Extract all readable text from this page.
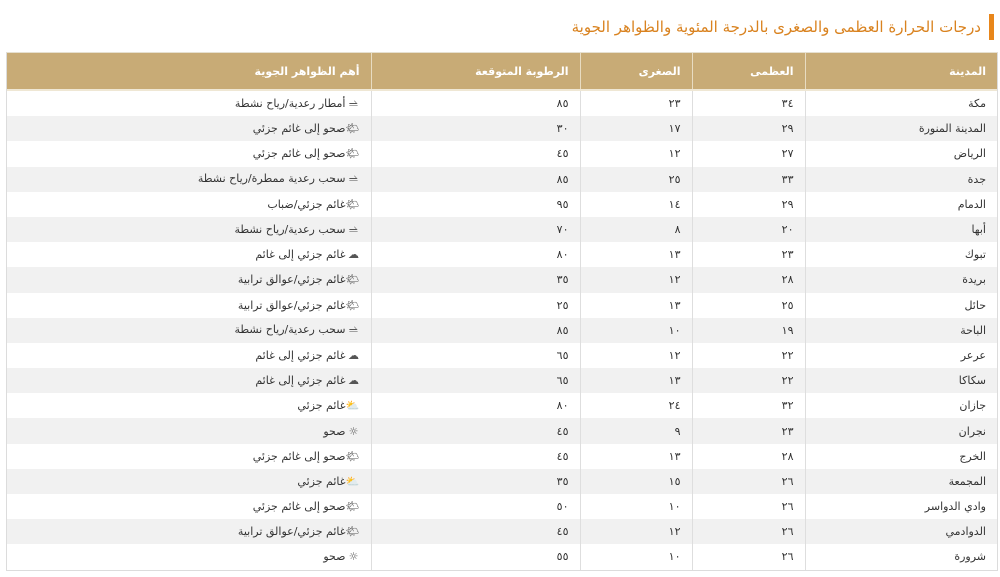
درجات الحرارة العظمى والصغرى بالدرجة المئوية والظواهر الجوية
المدينة	العظمى	الصغرى	الرطوبة المتوقعة	أهم الظواهر الجوية
مكة	٣٤	٢٣	٨٥	⥬أمطار رعدية/رياح نشطة
المدينة المنورة	٢٩	١٧	٣٠	🌤صحو إلى غائم جزئي
الرياض	٢٧	١٢	٤٥	🌤صحو إلى غائم جزئي
جدة	٣٣	٢٥	٨٥	⥬سحب رعدية ممطرة/رياح نشطة
الدمام	٢٩	١٤	٩٥	🌤غائم جزئي/ضباب
أبها	٢٠	٨	٧٠	⥬سحب رعدية/رياح نشطة
تبوك	٢٣	١٣	٨٠	☁غائم جزئي إلى غائم
بريدة	٢٨	١٢	٣٥	🌤غائم جزئي/عوالق ترابية
حائل	٢٥	١٣	٢٥	🌤غائم جزئي/عوالق ترابية
الباحة	١٩	١٠	٨٥	⥬سحب رعدية/رياح نشطة
عرعر	٢٢	١٢	٦٥	☁غائم جزئي إلى غائم
سكاكا	٢٢	١٣	٦٥	☁غائم جزئي إلى غائم
جازان	٣٢	٢٤	٨٠	⛅غائم جزئي
نجران	٢٣	٩	٤٥	☼صحو
الخرج	٢٨	١٣	٤٥	🌤صحو إلى غائم جزئي
المجمعة	٢٦	١٥	٣٥	⛅غائم جزئي
وادي الدواسر	٢٦	١٠	٥٠	🌤صحو إلى غائم جزئي
الدوادمي	٢٦	١٢	٤٥	🌤غائم جزئي/عوالق ترابية
شرورة	٢٦	١٠	٥٥	☼صحو
